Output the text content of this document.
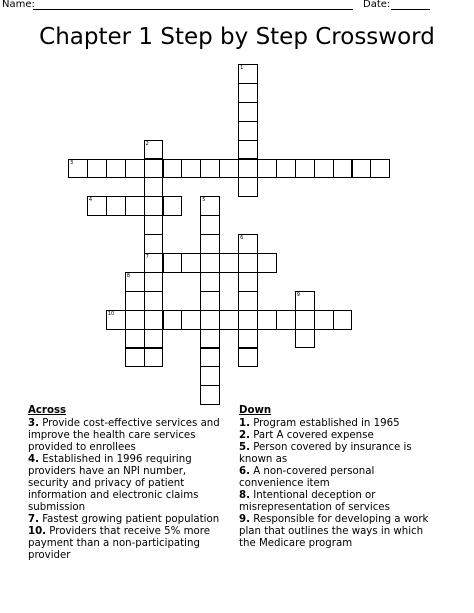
Name:	Date:
Chapter 1 Step by Step Crossword
1
2
7
3
4	5
6
8
9
10
Across
3. Provide cost-effective services and improve the health care services provided to enrollees
4. Established in 1996 requiring providers have an NPI number, security and privacy of patient information and electronic claims submission
7. Fastest growing patient population
10. Providers that receive 5% more payment than a non-participating provider
Down
1. Program established in 1965
2. Part A covered expense
5. Person covered by insurance is known as
6. A non-covered personal convenience item
8. Intentional deception or misrepresentation of services
9. Responsible for developing a work plan that outlines the ways in which the Medicare program
